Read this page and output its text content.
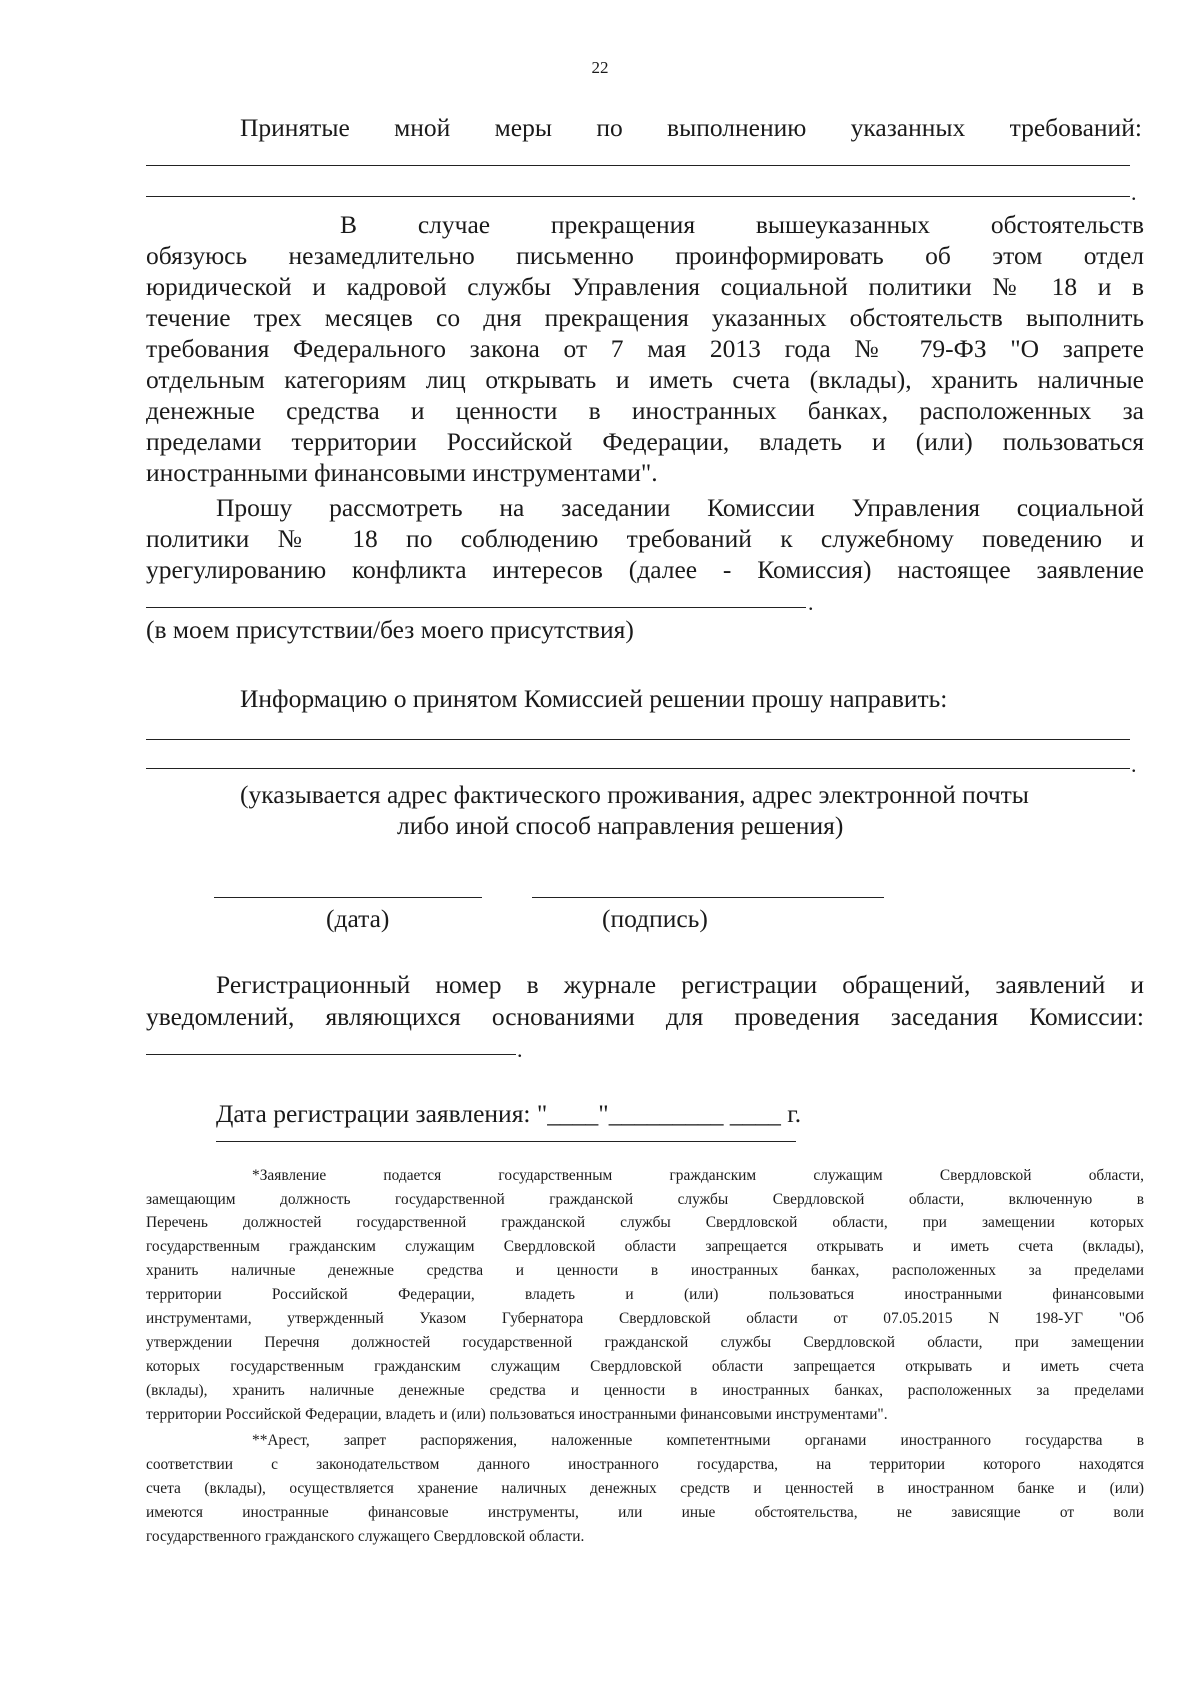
22
Принятые мной меры по выполнению указанных требований:
.
В случае прекращения вышеуказанных обстоятельств
обязуюсь незамедлительно письменно проинформировать об этом отдел
юридической и кадровой службы Управления социальной политики № 18 и в
течение трех месяцев со дня прекращения указанных обстоятельств выполнить
требования Федерального закона от 7 мая 2013 года № 79-ФЗ "О запрете
отдельным категориям лиц открывать и иметь счета (вклады), хранить наличные
денежные средства и ценности в иностранных банках, расположенных за
пределами территории Российской Федерации, владеть и (или) пользоваться
иностранными финансовыми инструментами".
Прошу рассмотреть на заседании Комиссии Управления социальной
политики № 18 по соблюдению требований к служебному поведению и
урегулированию конфликта интересов (далее - Комиссия) настоящее заявление
.
(в моем присутствии/без моего присутствия)
Информацию о принятом Комиссией решении прошу направить:
.
(указывается адрес фактического проживания, адрес электронной почты
либо иной способ направления решения)
(дата)	(подпись)
Регистрационный номер в журнале регистрации обращений, заявлений и
уведомлений, являющихся основаниями для проведения заседания Комиссии:
.
Дата регистрации заявления: "____"_________ ____ г.
*Заявление подается государственным гражданским служащим Свердловской области,
замещающим должность государственной гражданской службы Свердловской области, включенную в
Перечень должностей государственной гражданской службы Свердловской области, при замещении которых
государственным гражданским служащим Свердловской области запрещается открывать и иметь счета (вклады),
хранить наличные денежные средства и ценности в иностранных банках, расположенных за пределами
территории Российской Федерации, владеть и (или) пользоваться иностранными финансовыми
инструментами, утвержденный Указом Губернатора Свердловской области от 07.05.2015 N 198-УГ "Об
утверждении Перечня должностей государственной гражданской службы Свердловской области, при замещении
которых государственным гражданским служащим Свердловской области запрещается открывать и иметь счета
(вклады), хранить наличные денежные средства и ценности в иностранных банках, расположенных за пределами
территории Российской Федерации, владеть и (или) пользоваться иностранными финансовыми инструментами".
**Арест, запрет распоряжения, наложенные компетентными органами иностранного государства в
соответствии с законодательством данного иностранного государства, на территории которого находятся
счета (вклады), осуществляется хранение наличных денежных средств и ценностей в иностранном банке и (или)
имеются иностранные финансовые инструменты, или иные обстоятельства, не зависящие от воли
государственного гражданского служащего Свердловской области.
